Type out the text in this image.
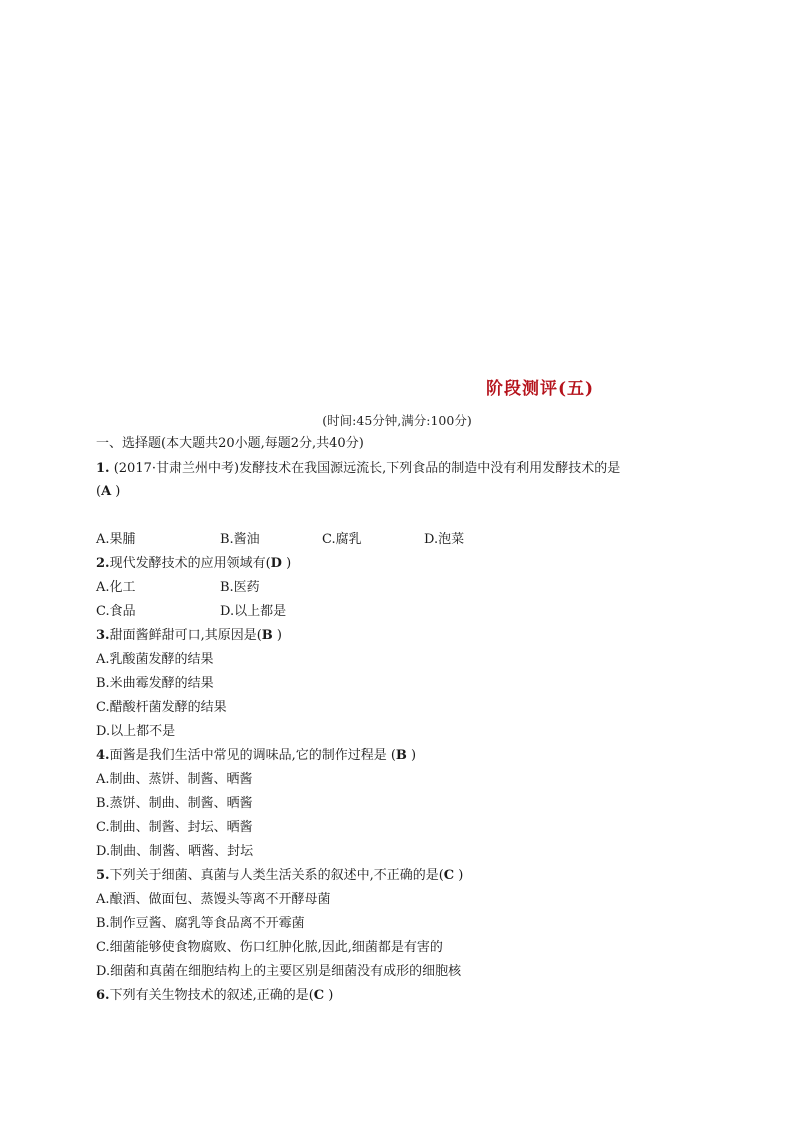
阶段测评(五)
(时间:45分钟,满分:100分)
一、选择题(本大题共20小题,每题2分,共40分)
1. (2017·甘肃兰州中考)发酵技术在我国源远流长,下列食品的制造中没有利用发酵技术的是
(A )
A.果脯	B.酱油	C.腐乳	D.泡菜
2.现代发酵技术的应用领域有(D )
A.化工	B.医药
C.食品	D.以上都是
3.甜面酱鲜甜可口,其原因是(B )
A.乳酸菌发酵的结果
B.米曲霉发酵的结果
C.醋酸杆菌发酵的结果
D.以上都不是
4.面酱是我们生活中常见的调味品,它的制作过程是 (B )
A.制曲、蒸饼、制酱、晒酱
B.蒸饼、制曲、制酱、晒酱
C.制曲、制酱、封坛、晒酱
D.制曲、制酱、晒酱、封坛
5.下列关于细菌、真菌与人类生活关系的叙述中,不正确的是(C )
A.酿酒、做面包、蒸馒头等离不开酵母菌
B.制作豆酱、腐乳等食品离不开霉菌
C.细菌能够使食物腐败、伤口红肿化脓,因此,细菌都是有害的
D.细菌和真菌在细胞结构上的主要区别是细菌没有成形的细胞核
6.下列有关生物技术的叙述,正确的是(C )
